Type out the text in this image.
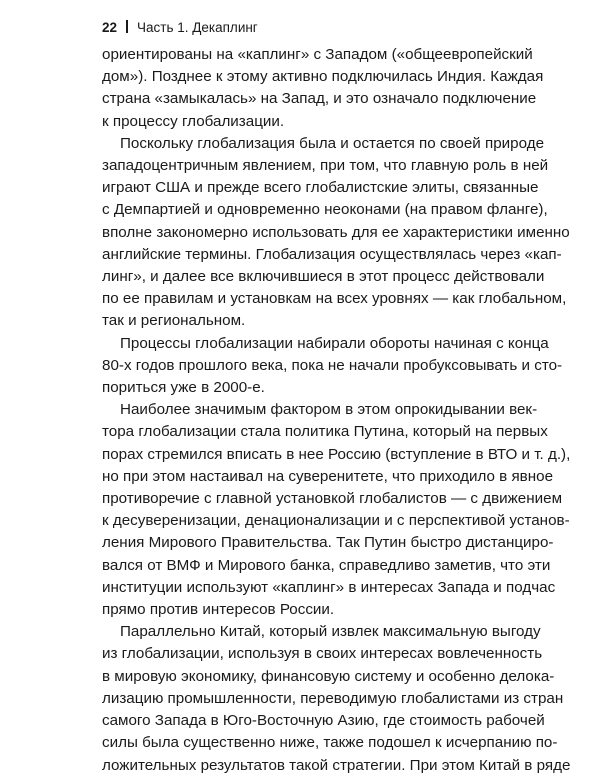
22 Часть 1. Декаплинг

ориентированы на «каплинг» с Западом («общеевропейский
дом»). Позднее к этому активно подключилась Индия. Каждая
страна «замыкалась» на Запад, и это означало подключение
к процессу глобализации.

Поскольку глобализация была и остается по своей природе
западоцентричным явлением, при том, что главную роль в ней
играют США и прежде всего глобалистские элиты, связанные
с Демпартией и одновременно неоконами (на правом фланге),
вполне закономерно использовать для ее характеристики именно
английские термины. Глобализация осуществлялась через «кап-
линг», и далее все включившиеся в этот процесс действовали
по ее правилам и установкам на всех уровнях — как глобальном,
так и региональном.

Процессы глобализации набирали обороты начиная с конца
80-х годов прошлого века, пока не начали пробуксовывать и сто-
пориться уже в 2000-е.

Наиболее значимым фактором в этом опрокидывании век-
тора глобализации стала политика Путина, который на первых
порах стремился вписать в нее Россию (вступление в ВТО и т. д.),
но при этом настаивал на суверенитете, что приходило в явное
противоречие с главной установкой глобалистов — с движением
к десуверенизации, денационализации и с перспективой установ-
ления Мирового Правительства. Так Путин быстро дистанциро-
вался от ВМФ и Мирового банка, справедливо заметив, что эти
институции используют «каплинг» в интересах Запада и подчас
прямо против интересов России.

Параллельно Китай, который извлек максимальную выгоду
из глобализации, используя в своих интересах вовлеченность
в мировую экономику, финансовую систему и особенно делока-
лизацию промышленности, переводимую глобалистами из стран
самого Запада в Юго-Восточную Азию, где стоимость рабочей
силы была существенно ниже, также подошел к исчерпанию по-
ложительных результатов такой стратегии. При этом Китай в ряде
